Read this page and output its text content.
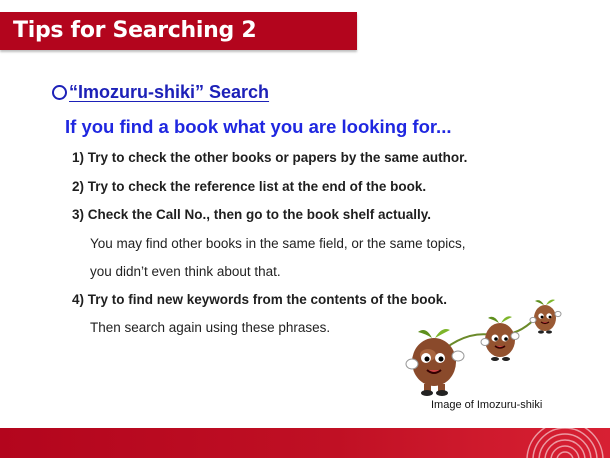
Tips for Searching 2
“Imozuru-shiki” Search
If you find a book what you are looking for...
1) Try to check the other books or papers by the same author.
2) Try to check the reference list at the end of the book.
3) Check the Call No., then go to the book shelf actually.
You may find other books in the same field, or the same topics,
you didn’t even think about that.
4) Try to find new keywords from the contents of the book.
Then search again using these phrases.
Image of Imozuru-shiki
